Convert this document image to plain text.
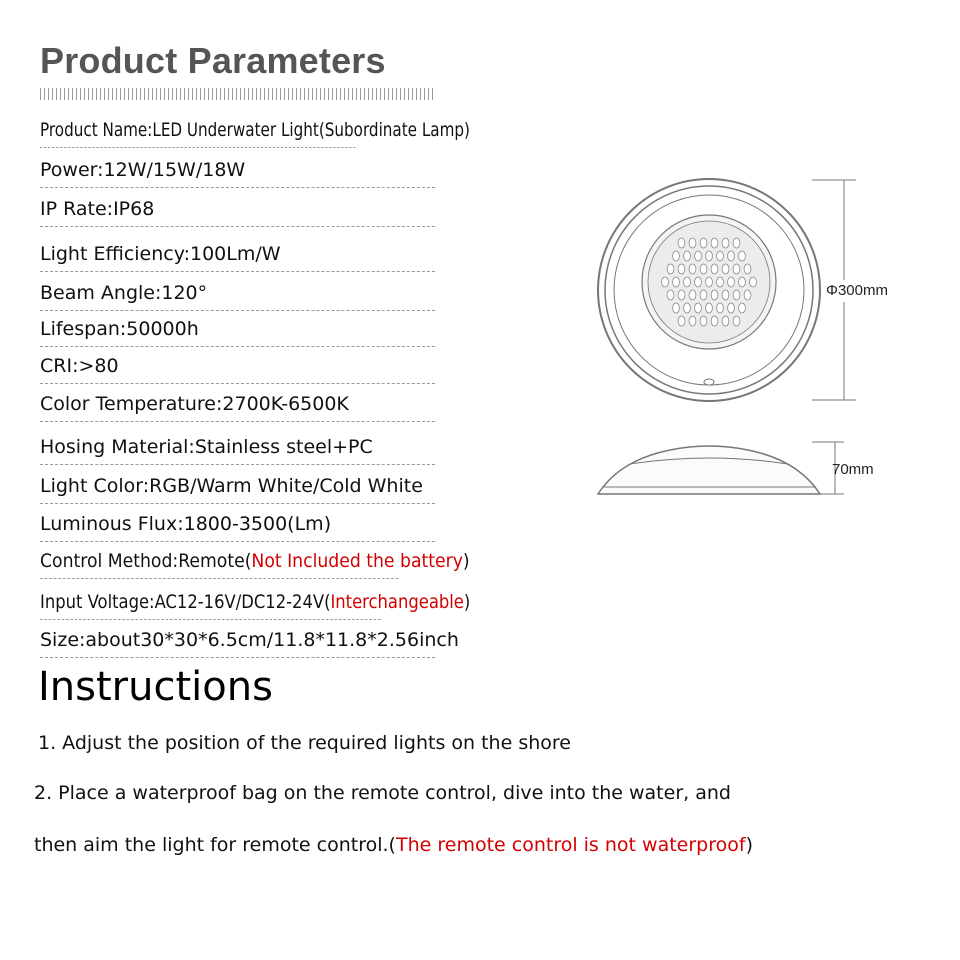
Product Parameters
Product Name:LED Underwater Light(Subordinate Lamp)
Power:12W/15W/18W
IP Rate:IP68
Light Efficiency:100Lm/W
Beam Angle:120°
Lifespan:50000h
CRI:>80
Color Temperature:2700K-6500K
Hosing Material:Stainless steel+PC
Light Color:RGB/Warm White/Cold White
Luminous Flux:1800-3500(Lm)
Control Method:Remote(Not Included the battery)
Input Voltage:AC12-16V/DC12-24V(Interchangeable)
Size:about30*30*6.5cm/11.8*11.8*2.56inch
Φ300mm
70mm
Instructions
1. Adjust the position of the required lights on the shore
2. Place a waterproof bag on the remote control, dive into the water, and
then aim the light for remote control.(The remote control is not waterproof)
